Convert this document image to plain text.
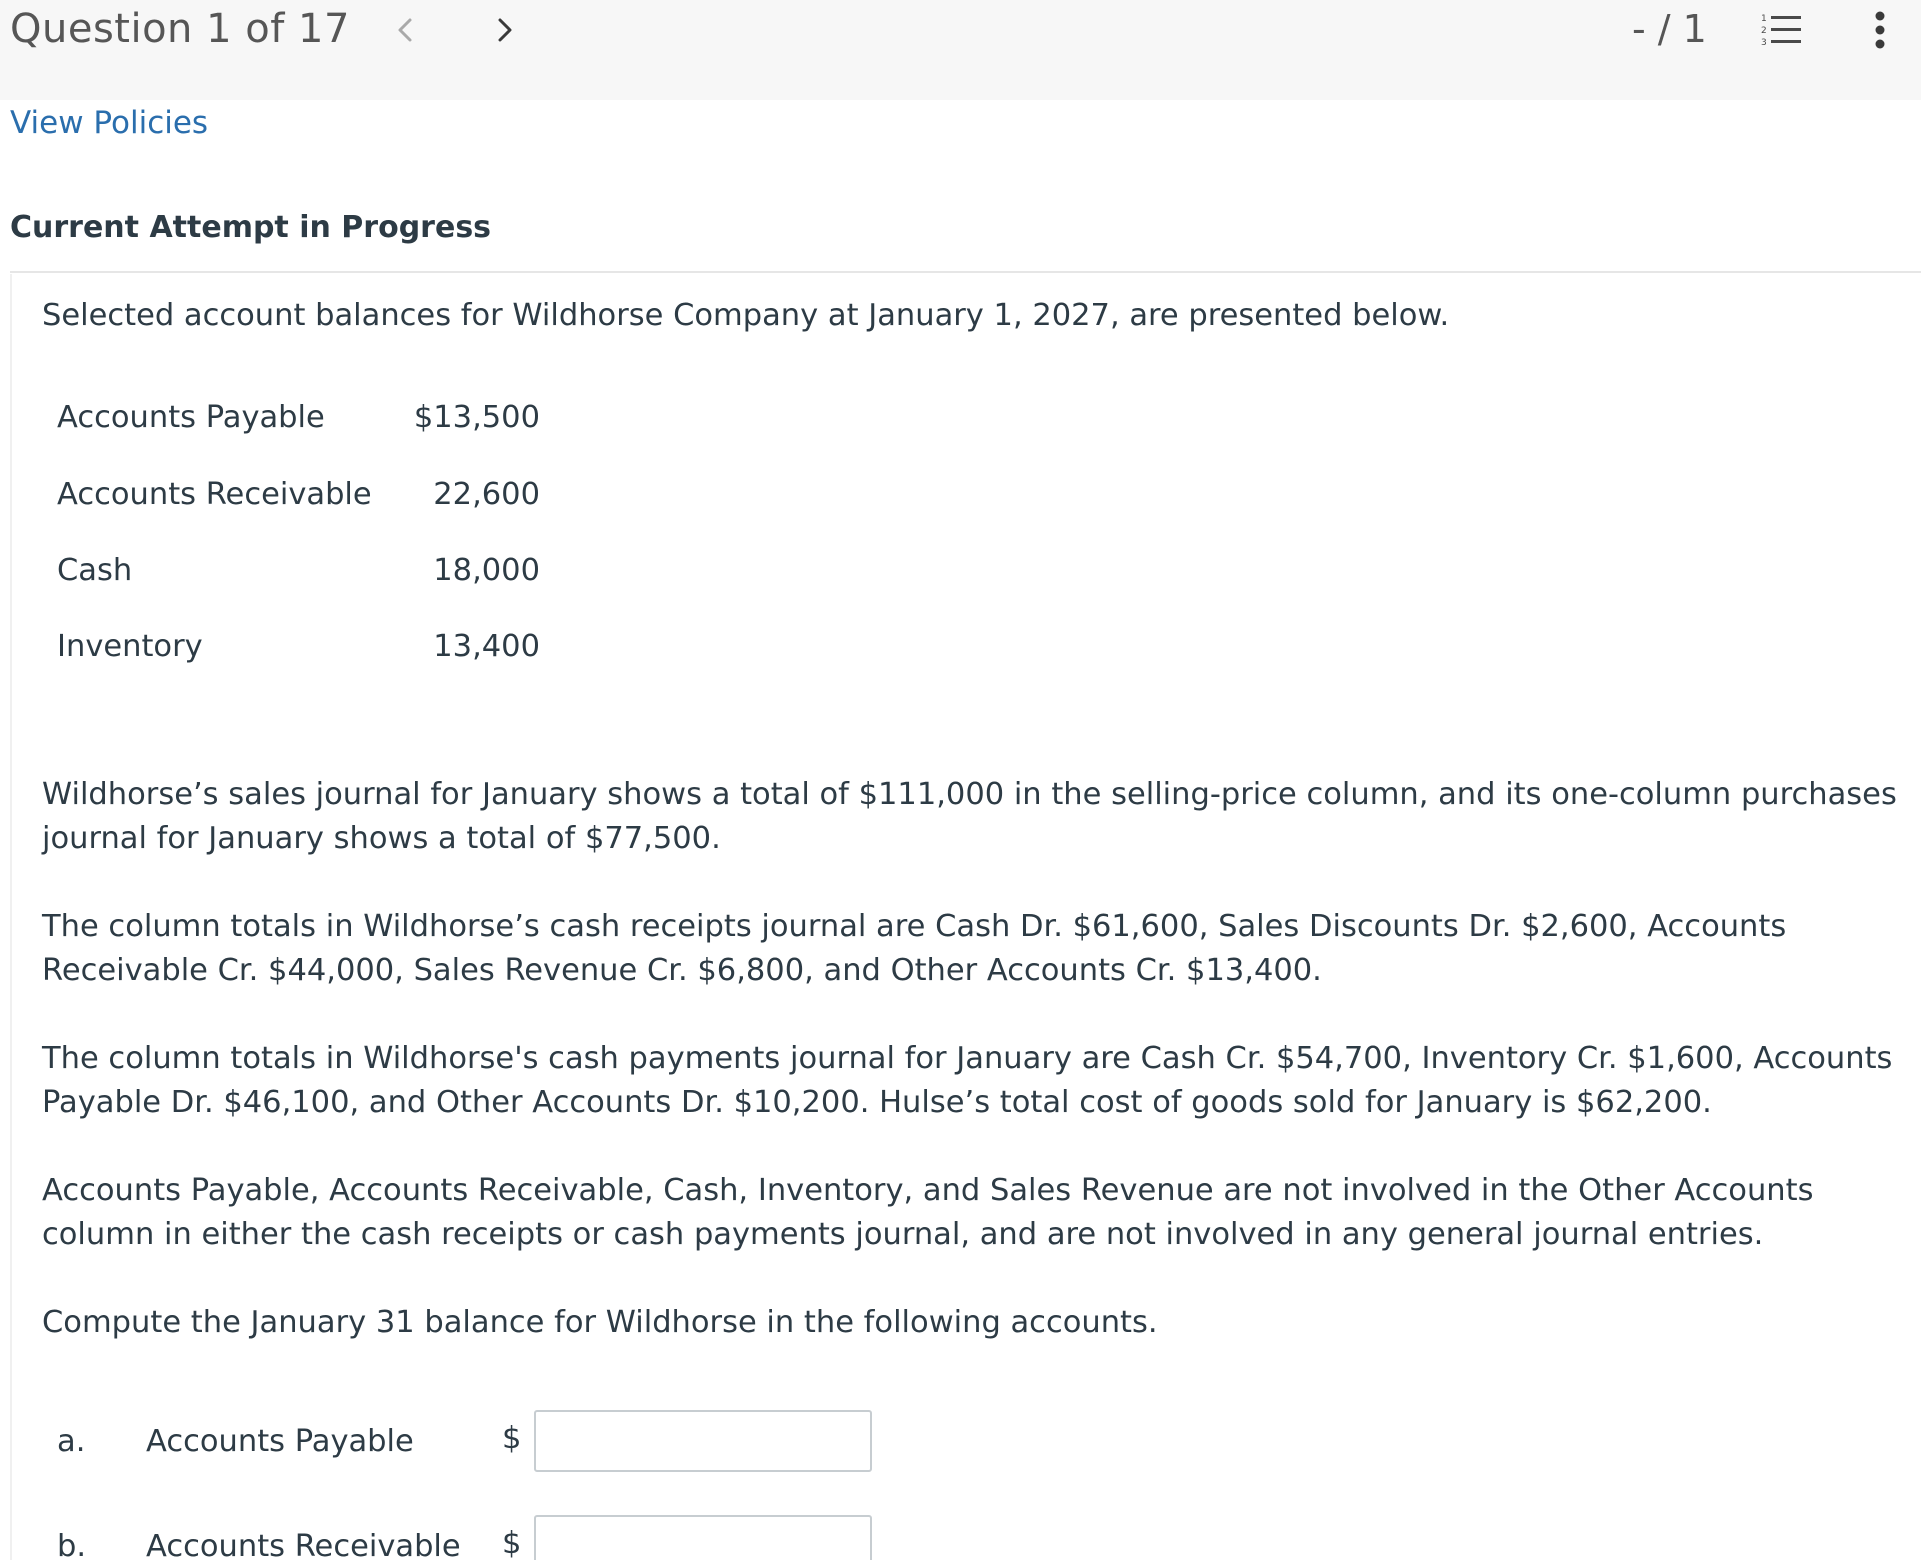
Question 1 of 17	- / 1	1
2
3
View Policies
Current Attempt in Progress
Selected account balances for Wildhorse Company at January 1, 2027, are presented below.
Accounts Payable	$13,500
Accounts Receivable	22,600
Cash	18,000
Inventory	13,400
Wildhorse’s sales journal for January shows a total of $111,000 in the selling-price column, and its one-column purchases journal for January shows a total of $77,500.
The column totals in Wildhorse’s cash receipts journal are Cash Dr. $61,600, Sales Discounts Dr. $2,600, Accounts Receivable Cr. $44,000, Sales Revenue Cr. $6,800, and Other Accounts Cr. $13,400.
The column totals in Wildhorse's cash payments journal for January are Cash Cr. $54,700, Inventory Cr. $1,600, Accounts Payable Dr. $46,100, and Other Accounts Dr. $10,200. Hulse’s total cost of goods sold for January is $62,200.
Accounts Payable, Accounts Receivable, Cash, Inventory, and Sales Revenue are not involved in the Other Accounts column in either the cash receipts or cash payments journal, and are not involved in any general journal entries.
Compute the January 31 balance for Wildhorse in the following accounts.
a. Accounts Payable	$
b. Accounts Receivable $
